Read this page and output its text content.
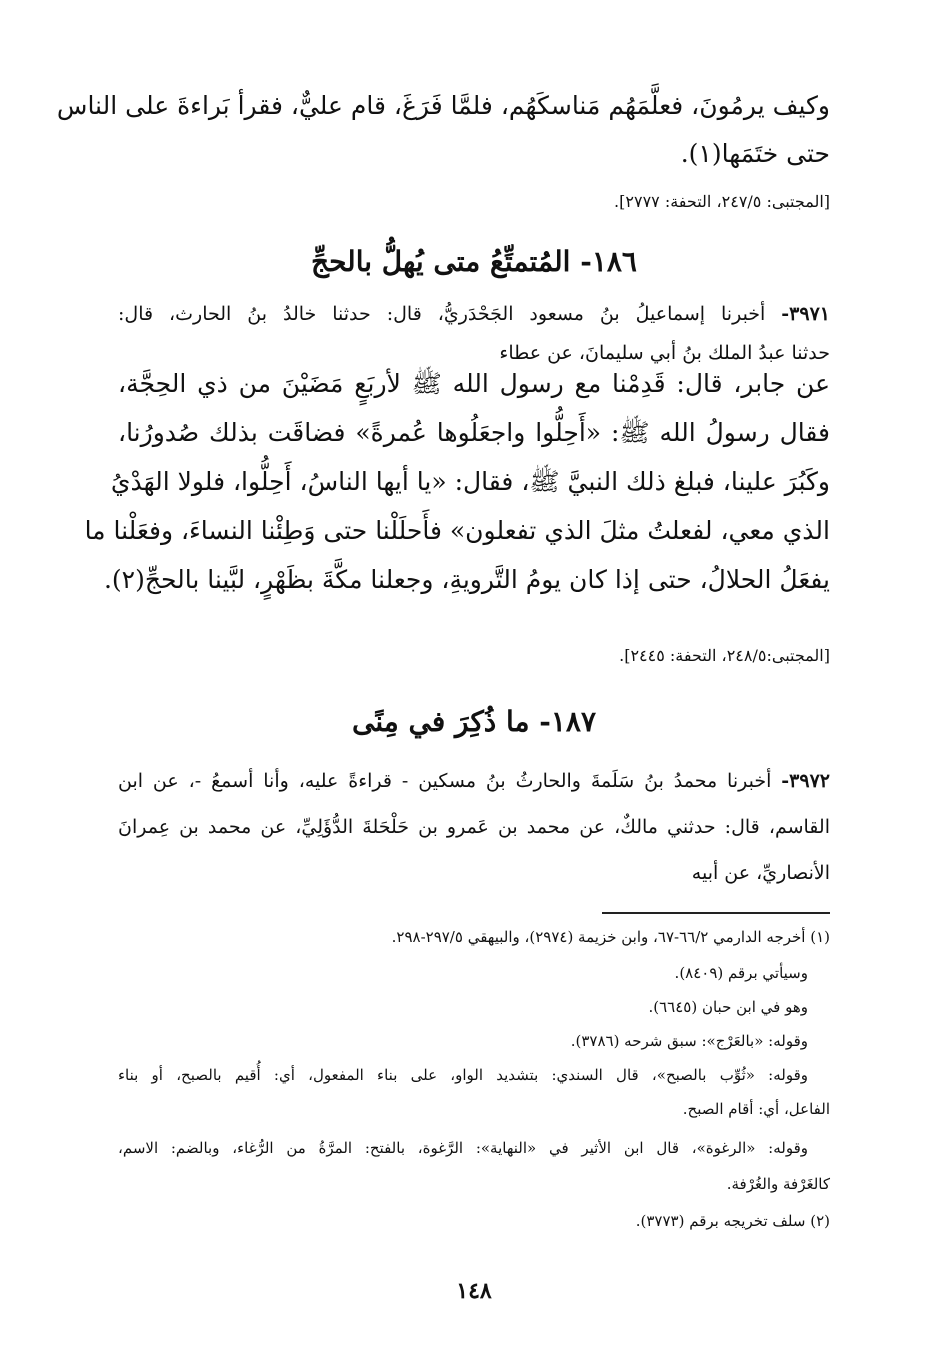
وكيف يرمُونَ، فعلَّمَهُم مَناسكَهُم، فلمَّا فَرَغَ، قام عليٌّ، فقرأ بَراءةَ على الناس
حتى ختَمَها(١).
[المجتبى: ٢٤٧/٥، التحفة: ٢٧٧٧].
١٨٦- المُتمتِّعُ متى يُهلُّ بالحجِّ
٣٩٧١- أخبرنا إسماعيلُ بنُ مسعود الجَحْدَريُّ، قال: حدثنا خالدُ بنُ الحارث، قال:
حدثنا عبدُ الملك بنُ أبي سليمانَ، عن عطاء
عن جابر، قال: قَدِمْنا مع رسول الله ﷺ لأربَعٍ مَضَيْنَ من ذي الحِجَّة،
فقال رسولُ الله ﷺ: «أَحِلُّوا واجعَلُوها عُمرةً» فضاقَت بذلك صُدورُنا،
وكَبُرَ علينا، فبلغ ذلك النبيَّ ﷺ، فقال: «يا أيها الناسُ، أَحِلُّوا، فلولا الهَدْيُ
الذي معي، لفعلتُ مثلَ الذي تفعلون» فأَحلَلْنا حتى وَطِئْنا النساءَ، وفعَلْنا ما
يفعَلُ الحلالُ، حتى إذا كان يومُ التَّرويةِ، وجعلنا مكَّةَ بظَهْرٍ، لبَّينا بالحجِّ(٢).
[المجتبى:٢٤٨/٥، التحفة: ٢٤٤٥].
١٨٧- ما ذُكِرَ في مِنًى
٣٩٧٢- أخبرنا محمدُ بنُ سَلَمةَ والحارثُ بنُ مسكين - قراءةً عليه، وأنا أسمعُ -، عن ابن
القاسم، قال: حدثني مالكٌ، عن محمد بن عَمرو بن حَلْحَلةَ الدُّؤَلِيِّ، عن محمد بن عِمرانَ
الأنصاريِّ، عن أبيه
(١) أخرجه الدارمي ٦٦/٢-٦٧، وابن خزيمة (٢٩٧٤)، والبيهقي ٢٩٧/٥-٢٩٨.
وسيأتي برقم (٨٤٠٩).
وهو في ابن حبان (٦٦٤٥).
وقوله: «بالعَرْج»: سبق شرحه (٣٧٨٦).
وقوله: «ثُوِّب بالصبح»، قال السندي: بتشديد الواو، على بناء المفعول، أي: أُقيم بالصبح، أو بناء
الفاعل، أي: أقام الصبح.
وقوله: «الرغوة»، قال ابن الأثير في «النهاية»: الرَّغوة، بالفتح: المرَّةُ من الرُّغاء، وبالضم: الاسم،
كالغَرْفة والغُرْفة.
(٢) سلف تخريجه برقم (٣٧٧٣).
١٤٨
